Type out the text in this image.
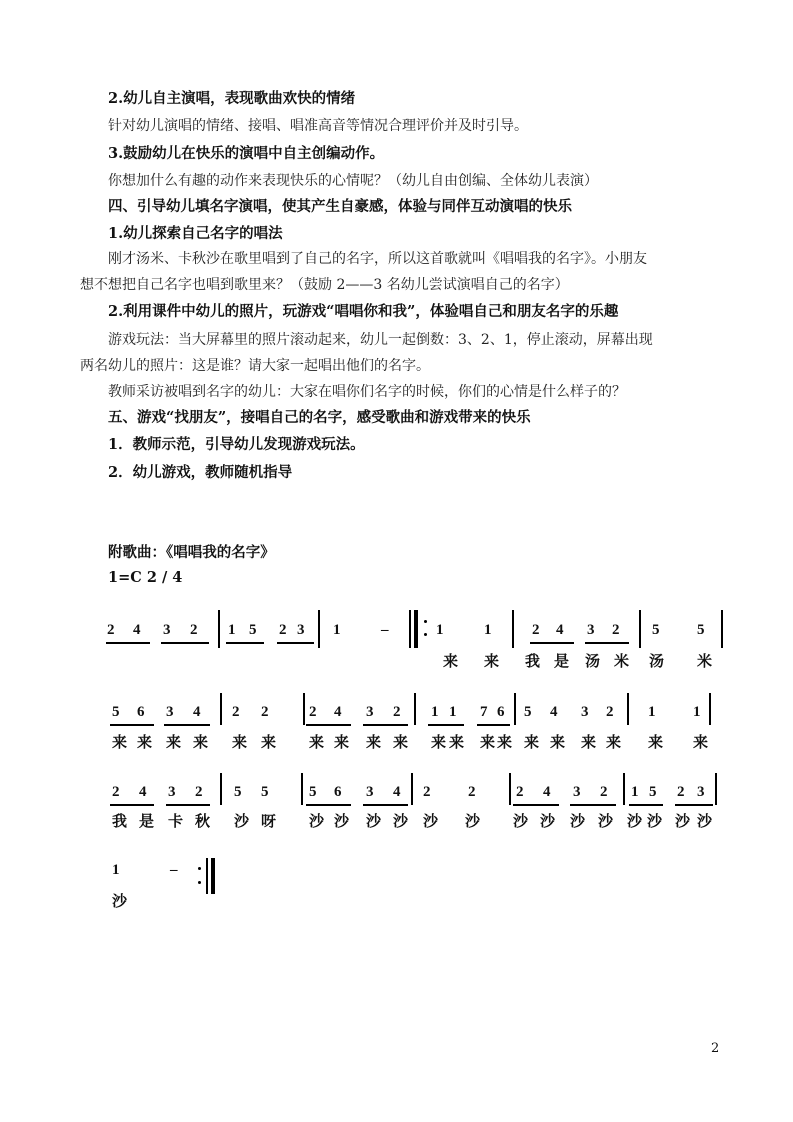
2.幼儿自主演唱，表现歌曲欢快的情绪
针对幼儿演唱的情绪、接唱、唱准高音等情况合理评价并及时引导。
3.鼓励幼儿在快乐的演唱中自主创编动作。
你想加什么有趣的动作来表现快乐的心情呢？（幼儿自由创编、全体幼儿表演）
四、引导幼儿填名字演唱，使其产生自豪感，体验与同伴互动演唱的快乐
1.幼儿探索自己名字的唱法
刚才汤米、卡秋沙在歌里唱到了自己的名字，所以这首歌就叫《唱唱我的名字》。小朋友
想不想把自己名字也唱到歌里来？（鼓励 2——3 名幼儿尝试演唱自己的名字）
2.利用课件中幼儿的照片，玩游戏“唱唱你和我”，体验唱自己和朋友名字的乐趣
游戏玩法：当大屏幕里的照片滚动起来，幼儿一起倒数：3、2、1，停止滚动，屏幕出现
两名幼儿的照片：这是谁？请大家一起唱出他们的名字。
教师采访被唱到名字的幼儿：大家在唱你们名字的时候，你们的心情是什么样子的？
五、游戏“找朋友”，接唱自己的名字，感受歌曲和游戏带来的快乐
1．教师示范，引导幼儿发现游戏玩法。
2．幼儿游戏，教师随机指导
附歌曲：《唱唱我的名字》
1=C 2 / 4
2 4 3 2 1 5 2 3 1	–	1	1	2 4 3 2 5	5
来 来 我 是 汤 米 汤 米
5 6 3 4 2 2	2 4 3 2 1 1 7 6 5 4 3 2 1	1
来 来 来 来 来 来 来 来 来 来 来 来 来 来 来 来 来 来 来 来
2 4 3 2 5 5	5 6 3 4 2	2	2 4 3 2 1 5 2 3
我 是 卡 秋 沙 呀 沙 沙 沙 沙 沙 沙 沙 沙 沙 沙 沙 沙 沙 沙
1	–
沙
2
